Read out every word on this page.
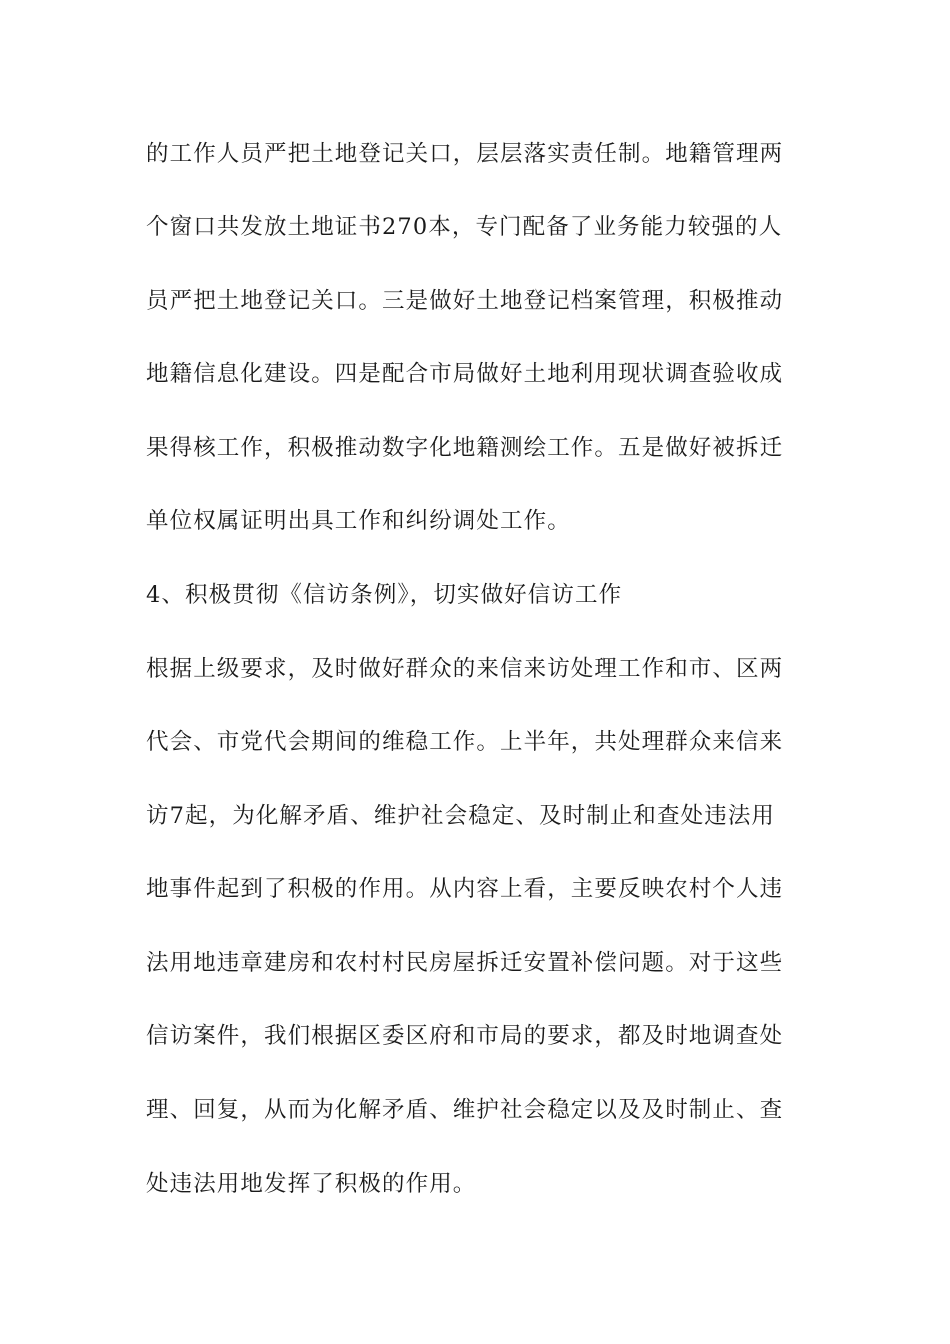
的工作人员严把土地登记关口，层层落实责任制。地籍管理两
个窗口共发放土地证书270本，专门配备了业务能力较强的人
员严把土地登记关口。三是做好土地登记档案管理，积极推动
地籍信息化建设。四是配合市局做好土地利用现状调查验收成
果得核工作，积极推动数字化地籍测绘工作。五是做好被拆迁
单位权属证明出具工作和纠纷调处工作。
4、积极贯彻《信访条例》，切实做好信访工作
根据上级要求，及时做好群众的来信来访处理工作和市、区两
代会、市党代会期间的维稳工作。上半年，共处理群众来信来
访7起，为化解矛盾、维护社会稳定、及时制止和查处违法用
地事件起到了积极的作用。从内容上看，主要反映农村个人违
法用地违章建房和农村村民房屋拆迁安置补偿问题。对于这些
信访案件，我们根据区委区府和市局的要求，都及时地调查处
理、回复，从而为化解矛盾、维护社会稳定以及及时制止、查
处违法用地发挥了积极的作用。
